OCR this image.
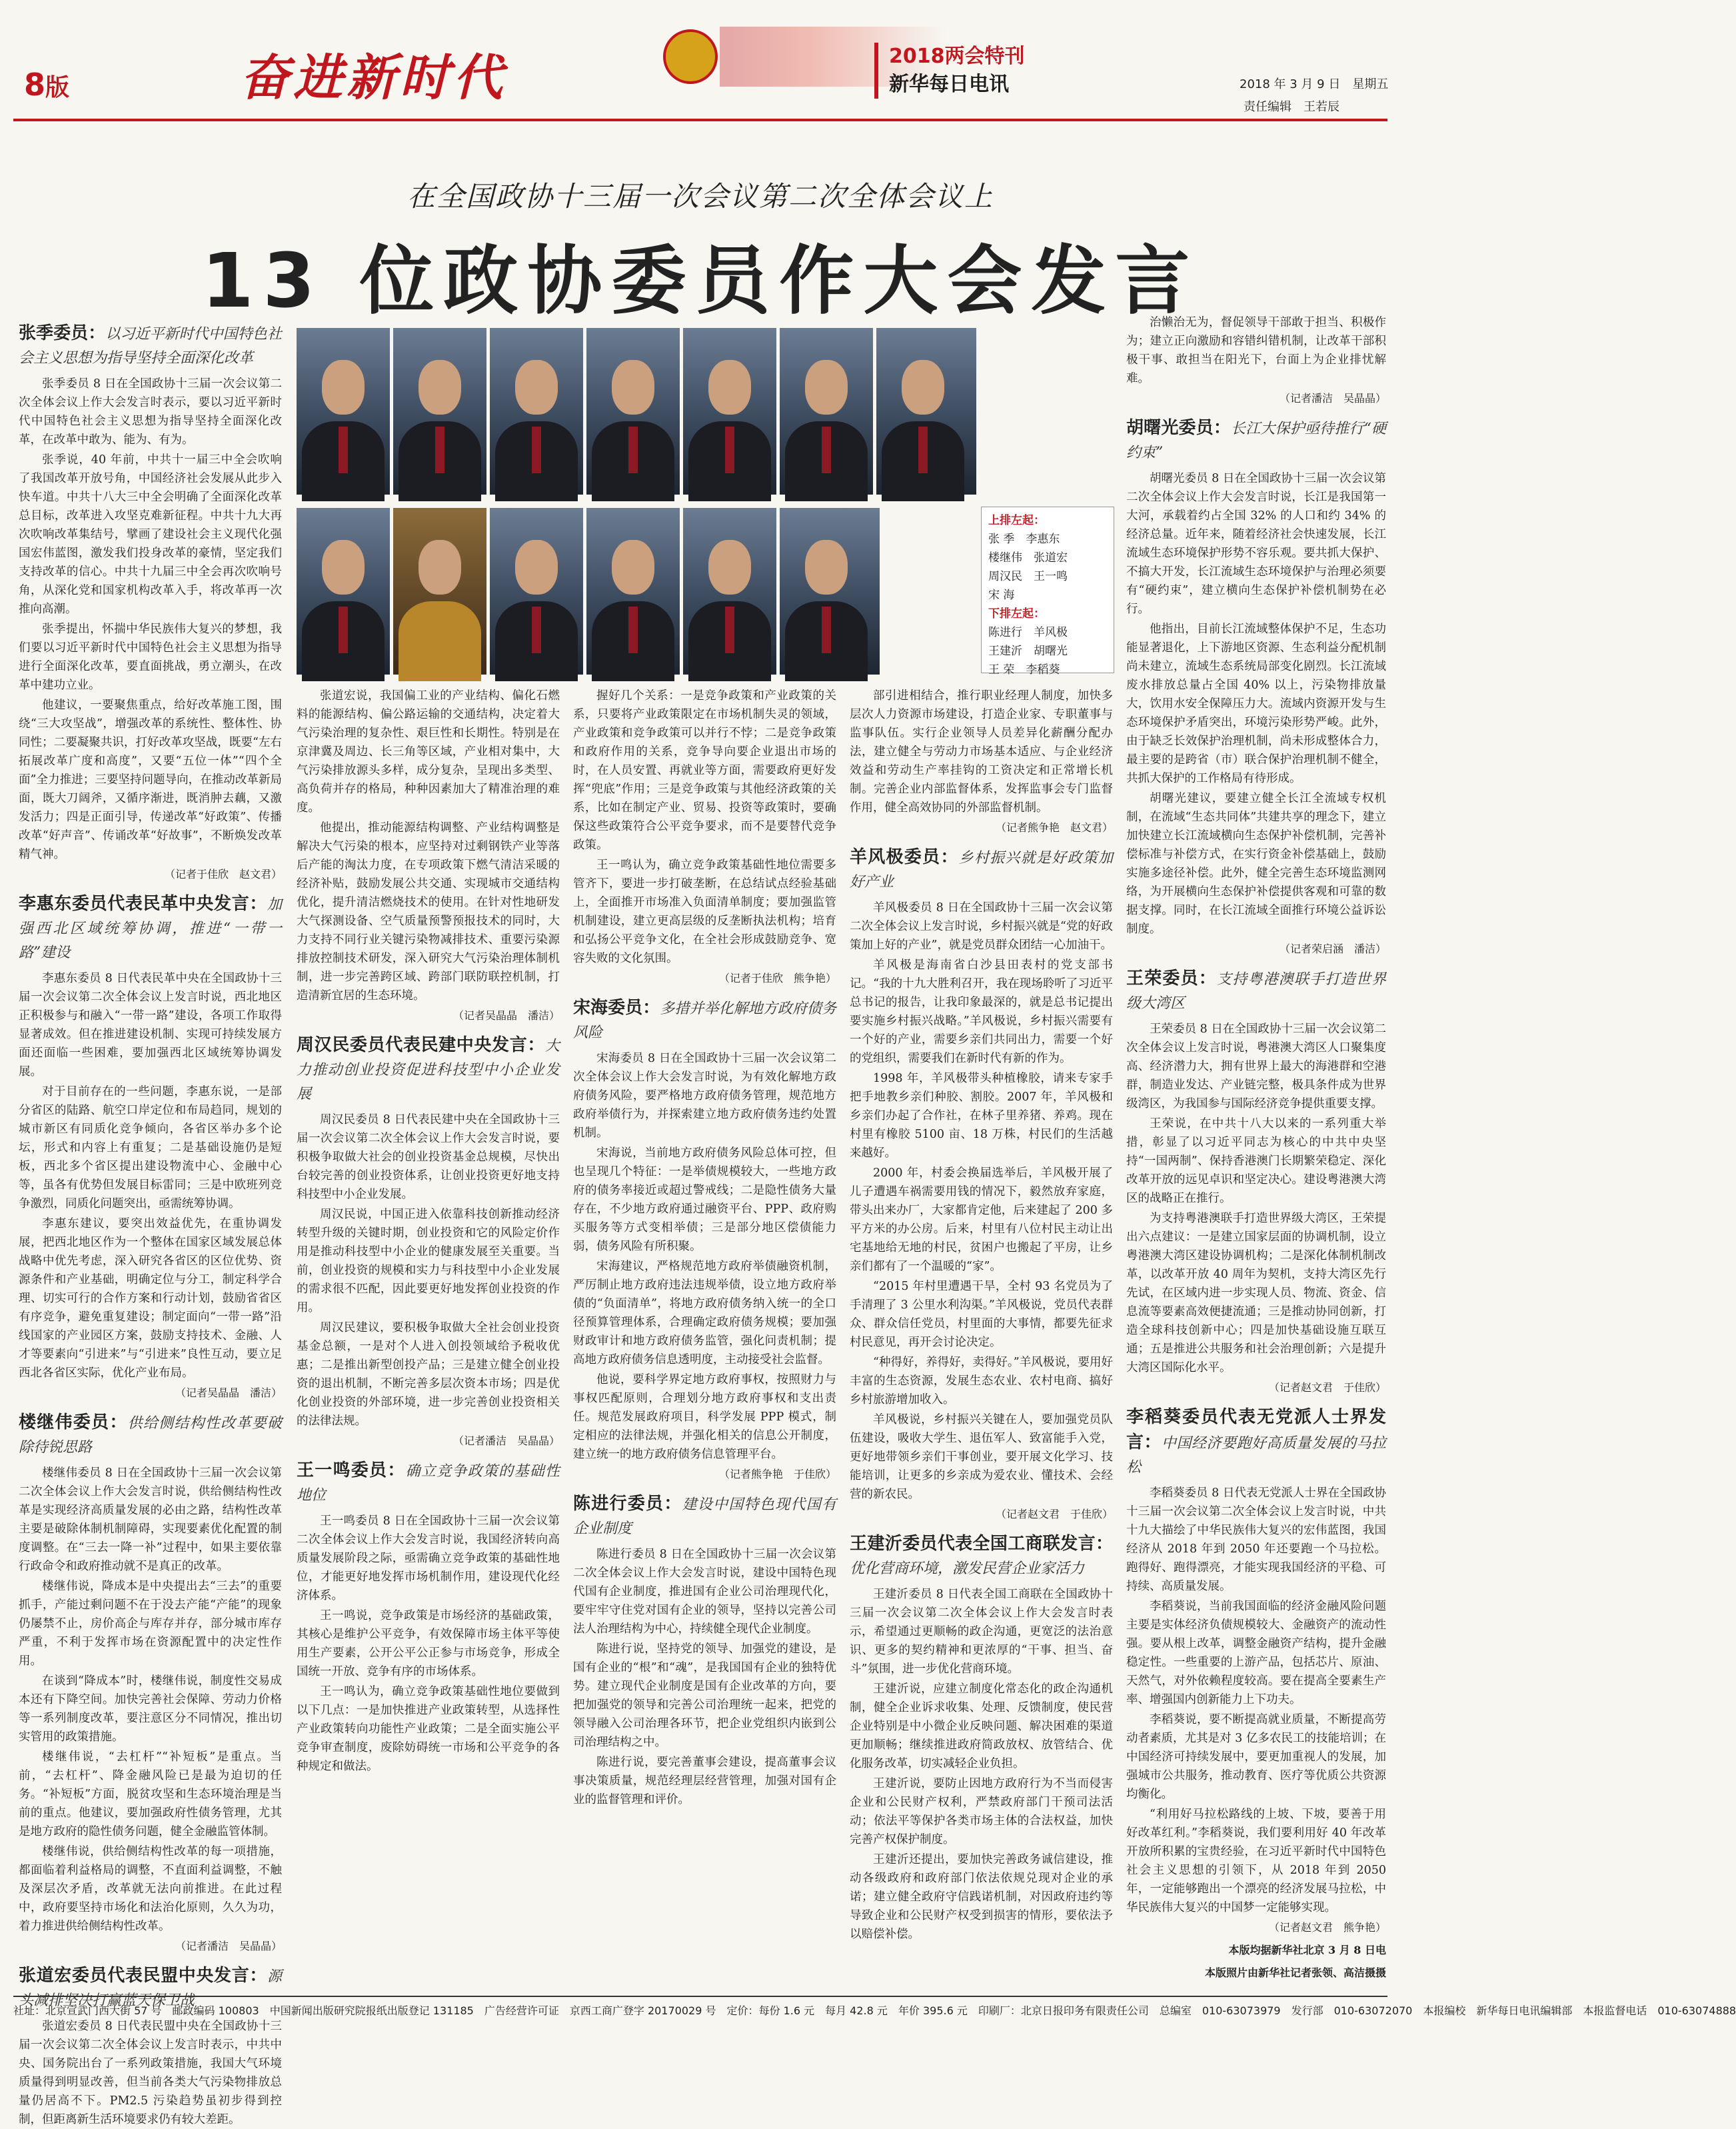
8版	奋进新时代	2018两会特刊
新华每日电讯	2018 年 3 月 9 日　星期五
责任编辑　王若辰
在全国政协十三届一次会议第二次全体会议上
13 位政协委员作大会发言
上排左起：
张 季　 李惠东
楼继伟　 张道宏
周汉民　 王一鸣
宋 海
下排左起：
陈进行　 羊风极
王建沂　 胡曙光
王 荣　 李稻葵
张季委员：以习近平新时代中国特色社会主义思想为指导坚持全面深化改革

张季委员 8 日在全国政协十三届一次会议第二次全体会议上作大会发言时表示，要以习近平新时代中国特色社会主义思想为指导坚持全面深化改革，在改革中敢为、能为、有为。

张季说，40 年前，中共十一届三中全会吹响了我国改革开放号角，中国经济社会发展从此步入快车道。中共十八大三中全会明确了全面深化改革总目标，改革进入攻坚克难新征程。中共十九大再次吹响改革集结号，擘画了建设社会主义现代化强国宏伟蓝图，激发我们投身改革的豪情，坚定我们支持改革的信心。中共十九届三中全会再次吹响号角，从深化党和国家机构改革入手，将改革再一次推向高潮。

张季提出，怀揣中华民族伟大复兴的梦想，我们要以习近平新时代中国特色社会主义思想为指导进行全面深化改革，要直面挑战，勇立潮头，在改革中建功立业。

他建议，一要聚焦重点，给好改革施工图，围绕“三大攻坚战”，增强改革的系统性、整体性、协同性；二要凝聚共识，打好改革攻坚战，既要“左右拓展改革广度和高度”，又要“五位一体”“四个全面”全力推进；三要坚持问题导向，在推动改革新局面，既大刀阔斧，又循序渐进，既消肿去藕，又激发活力；四是正面引导，传递改革“好政策”、传播改革“好声音”、传诵改革“好故事”，不断焕发改革精气神。

（记者于佳欣　赵文君）
李惠东委员代表民革中央发言：加强西北区域统筹协调，推进“一带一路”建设

李惠东委员 8 日代表民革中央在全国政协十三届一次会议第二次全体会议上发言时说，西北地区正积极参与和融入“一带一路”建设，各项工作取得显著成效。但在推进建设机制、实现可持续发展方面还面临一些困难，要加强西北区域统筹协调发展。

对于目前存在的一些问题，李惠东说，一是部分省区的陆路、航空口岸定位和布局趋同，规划的城市新区有同质化竞争倾向，各省区举办多个论坛，形式和内容上有重复；二是基础设施仍是短板，西北多个省区提出建设物流中心、金融中心等，虽各有优势但发展目标雷同；三是中欧班列竞争激烈，同质化问题突出，亟需统筹协调。

李惠东建议，要突出效益优先，在重协调发展，把西北地区作为一个整体在国家区域发展总体战略中优先考虑，深入研究各省区的区位优势、资源条件和产业基础，明确定位与分工，制定科学合理、切实可行的合作方案和行动计划，鼓励省省区有序竞争，避免重复建设；制定面向“一带一路”沿线国家的产业园区方案，鼓励支持技术、金融、人才等要素向“引进来”与“引进来”良性互动，要立足西北各省区实际，优化产业布局。

（记者吴晶晶　潘洁）
楼继伟委员：供给侧结构性改革要破除待锐思路

楼继伟委员 8 日在全国政协十三届一次会议第二次全体会议上作大会发言时说，供给侧结构性改革是实现经济高质量发展的必由之路，结构性改革主要是破除体制机制障碍，实现要素优化配置的制度调整。在“三去一降一补”过程中，如果主要依靠行政命令和政府推动就不是真正的改革。

楼继伟说，降成本是中央提出去“三去”的重要抓手，产能过剩问题不在于没去产能“产能”的现象仍屡禁不止，房价高企与库存并存，部分城市库存严重，不利于发挥市场在资源配置中的决定性作用。

在谈到“降成本”时，楼继伟说，制度性交易成本还有下降空间。加快完善社会保障、劳动力价格等一系列制度改革，要注意区分不同情况，推出切实管用的政策措施。

楼继伟说，“去杠杆”“补短板”是重点。当前，“去杠杆”、降金融风险已是最为迫切的任务。“补短板”方面，脱贫攻坚和生态环境治理是当前的重点。他建议，要加强政府性债务管理，尤其是地方政府的隐性债务问题，健全金融监管体制。

楼继伟说，供给侧结构性改革的每一项措施，都面临着利益格局的调整，不直面利益调整，不触及深层次矛盾，改革就无法向前推进。在此过程中，政府要坚持市场化和法治化原则，久久为功，着力推进供给侧结构性改革。

（记者潘洁　吴晶晶）
张道宏委员代表民盟中央发言：源头减排坚决打赢蓝天保卫战

张道宏委员 8 日代表民盟中央在全国政协十三届一次会议第二次全体会议上发言时表示，中共中央、国务院出台了一系列政策措施，我国大气环境质量得到明显改善，但当前各类大气污染物排放总量仍居高不下。PM2.5 污染趋势虽初步得到控制，但距离新生活环境要求仍有较大差距。

张道宏说，我国偏工业的产业结构、偏化石燃料的能源结构、偏公路运输的交通结构，决定着大气污染治理的复杂性、艰巨性和长期性。特别是在京津冀及周边、长三角等区域，产业相对集中，大气污染排放源头多样，成分复杂，呈现出多类型、高负荷并存的格局，种种因素加大了精准治理的难度。

他提出，推动能源结构调整、产业结构调整是解决大气污染的根本，应坚持对过剩钢铁产业等落后产能的淘汰力度，在专项政策下燃气清洁采暖的经济补贴，鼓励发展公共交通、实现城市交通结构优化，提升清洁燃烧技术的使用。在针对性地研发大气探测设备、空气质量预警预报技术的同时，大力支持不同行业关键污染物减排技术、重要污染源排放控制技术研发，深入研究大气污染治理体制机制，进一步完善跨区域、跨部门联防联控机制，打造清新宜居的生态环境。

（记者吴晶晶　潘洁）
周汉民委员代表民建中央发言：大力推动创业投资促进科技型中小企业发展

周汉民委员 8 日代表民建中央在全国政协十三届一次会议第二次全体会议上作大会发言时说，要积极争取做大社会的创业投资基金总规模，尽快出台较完善的创业投资体系，让创业投资更好地支持科技型中小企业发展。

周汉民说，中国正进入依靠科技创新推动经济转型升级的关键时期，创业投资和它的风险定价作用是推动科技型中小企业的健康发展至关重要。当前，创业投资的规模和实力与科技型中小企业发展的需求很不匹配，因此要更好地发挥创业投资的作用。

周汉民建议，要积极争取做大全社会创业投资基金总额，一是对个人进入创投领域给予税收优惠；二是推出新型创投产品；三是建立健全创业投资的退出机制，不断完善多层次资本市场；四是优化创业投资的外部环境，进一步完善创业投资相关的法律法规。

（记者潘洁　吴晶晶）
王一鸣委员：确立竞争政策的基础性地位

王一鸣委员 8 日在全国政协十三届一次会议第二次全体会议上作大会发言时说，我国经济转向高质量发展阶段之际，亟需确立竞争政策的基础性地位，才能更好地发挥市场机制作用，建设现代化经济体系。

王一鸣说，竞争政策是市场经济的基础政策，其核心是维护公平竞争，有效保障市场主体平等使用生产要素，公开公平公正参与市场竞争，形成全国统一开放、竞争有序的市场体系。

王一鸣认为，确立竞争政策基础性地位要做到以下几点：一是加快推进产业政策转型，从选择性产业政策转向功能性产业政策；二是全面实施公平竞争审查制度，废除妨碍统一市场和公平竞争的各种规定和做法。

握好几个关系：一是竞争政策和产业政策的关系，只要将产业政策限定在市场机制失灵的领域，产业政策和竞争政策可以并行不悖；二是竞争政策和政府作用的关系，竞争导向要企业退出市场的时，在人员安置、再就业等方面，需要政府更好发挥“兜底”作用；三是竞争政策与其他经济政策的关系，比如在制定产业、贸易、投资等政策时，要确保这些政策符合公平竞争要求，而不是要替代竞争政策。

王一鸣认为，确立竞争政策基础性地位需要多管齐下，要进一步打破垄断，在总结试点经验基础上，全面推开市场准入负面清单制度；要加强监管机制建设，建立更高层级的反垄断执法机构；培育和弘扬公平竞争文化，在全社会形成鼓励竞争、宽容失败的文化氛围。

（记者于佳欣　熊争艳）
宋海委员：多措并举化解地方政府债务风险

宋海委员 8 日在全国政协十三届一次会议第二次全体会议上作大会发言时说，为有效化解地方政府债务风险，要严格地方政府债务管理，规范地方政府举债行为，并探索建立地方政府债务违约处置机制。

宋海说，当前地方政府债务风险总体可控，但也呈现几个特征：一是举债规模较大，一些地方政府的债务率接近或超过警戒线；二是隐性债务大量存在，不少地方政府通过融资平台、PPP、政府购买服务等方式变相举债；三是部分地区偿债能力弱，债务风险有所积聚。

宋海建议，严格规范地方政府举债融资机制，严厉制止地方政府违法违规举债，设立地方政府举债的“负面清单”，将地方政府债务纳入统一的全口径预算管理体系，合理确定政府债务规模；要加强财政审计和地方政府债务监管，强化问责机制；提高地方政府债务信息透明度，主动接受社会监督。

他说，要科学界定地方政府事权，按照财力与事权匹配原则，合理划分地方政府事权和支出责任。规范发展政府项目，科学发展 PPP 模式，制定相应的法律法规，并强化相关的信息公开制度，建立统一的地方政府债务信息管理平台。

（记者熊争艳　于佳欣）
陈进行委员：建设中国特色现代国有企业制度

陈进行委员 8 日在全国政协十三届一次会议第二次全体会议上作大会发言时说，建设中国特色现代国有企业制度，推进国有企业公司治理现代化，要牢牢守住党对国有企业的领导，坚持以完善公司法人治理结构为中心，持续健全现代企业制度。

陈进行说，坚持党的领导、加强党的建设，是国有企业的“根”和“魂”，是我国国有企业的独特优势。建立现代企业制度是国有企业改革的方向，要把加强党的领导和完善公司治理统一起来，把党的领导融入公司治理各环节，把企业党组织内嵌到公司治理结构之中。

陈进行说，要完善董事会建设，提高董事会议事决策质量，规范经理层经营管理，加强对国有企业的监督管理和评价。

部引进相结合，推行职业经理人制度，加快多层次人力资源市场建设，打造企业家、专职董事与监事队伍。实行企业领导人员差异化薪酬分配办法，建立健全与劳动力市场基本适应、与企业经济效益和劳动生产率挂钩的工资决定和正常增长机制。完善企业内部监督体系，发挥监事会专门监督作用，健全高效协同的外部监督机制。

（记者熊争艳　赵文君）
羊风极委员：乡村振兴就是好政策加好产业

羊风极委员 8 日在全国政协十三届一次会议第二次全体会议上发言时说，乡村振兴就是“党的好政策加上好的产业”，就是党员群众团结一心加油干。

羊风极是海南省白沙县田表村的党支部书记。“我的十九大胜利召开，我在现场聆听了习近平总书记的报告，让我印象最深的，就是总书记提出要实施乡村振兴战略。”羊风极说，乡村振兴需要有一个好的产业，需要乡亲们共同出力，需要一个好的党组织，需要我们在新时代有新的作为。

1998 年，羊风极带头种植橡胶，请来专家手把手地教乡亲们种胶、割胶。2007 年，羊风极和乡亲们办起了合作社，在林子里养猪、养鸡。现在村里有橡胶 5100 亩、18 万株，村民们的生活越来越好。

2000 年，村委会换届选举后，羊风极开展了儿子遭遇车祸需要用钱的情况下，毅然放弃家庭，带头出来办厂，大家都肯定他，后来建起了 200 多平方米的办公房。后来，村里有八位村民主动让出宅基地给无地的村民，贫困户也搬起了平房，让乡亲们都有了一个温暖的“家”。

“2015 年村里遭遇干旱，全村 93 名党员为了手清理了 3 公里水利沟渠。”羊风极说，党员代表群众、群众信任党员，村里面的大事情，都要先征求村民意见，再开会讨论决定。

“种得好，养得好，卖得好。”羊风极说，要用好丰富的生态资源，发展生态农业、农村电商、搞好乡村旅游增加收入。

羊风极说，乡村振兴关键在人，要加强党员队伍建设，吸收大学生、退伍军人、致富能手入党，更好地带领乡亲们干事创业，要开展文化学习、技能培训，让更多的乡亲成为爱农业、懂技术、会经营的新农民。

（记者赵文君　于佳欣）
王建沂委员代表全国工商联发言：优化营商环境，激发民营企业家活力

王建沂委员 8 日代表全国工商联在全国政协十三届一次会议第二次全体会议上作大会发言时表示，希望通过更顺畅的政企沟通，更宽泛的法治意识、更多的契约精神和更浓厚的“干事、担当、奋斗”氛围，进一步优化营商环境。

王建沂说，应建立制度化常态化的政企沟通机制，健全企业诉求收集、处理、反馈制度，使民营企业特别是中小微企业反映问题、解决困难的渠道更加顺畅；继续推进政府简政放权、放管结合、优化服务改革，切实减轻企业负担。

王建沂说，要防止因地方政府行为不当而侵害企业和公民财产权利，严禁政府部门干预司法活动；依法平等保护各类市场主体的合法权益，加快完善产权保护制度。

王建沂还提出，要加快完善政务诚信建设，推动各级政府和政府部门依法依规兑现对企业的承诺；建立健全政府守信践诺机制，对因政府违约等导致企业和公民财产权受到损害的情形，要依法予以赔偿补偿。

治懒治无为，督促领导干部敢于担当、积极作为；建立正向激励和容错纠错机制，让改革干部积极干事、敢担当在阳光下，台面上为企业排忧解难。

（记者潘洁　吴晶晶）
胡曙光委员：长江大保护亟待推行“硬约束”

胡曙光委员 8 日在全国政协十三届一次会议第二次全体会议上作大会发言时说，长江是我国第一大河，承载着约占全国 32% 的人口和约 34% 的经济总量。近年来，随着经济社会快速发展，长江流域生态环境保护形势不容乐观。要共抓大保护、不搞大开发，长江流域生态环境保护与治理必须要有“硬约束”，建立横向生态保护补偿机制势在必行。

他指出，目前长江流域整体保护不足，生态功能显著退化，上下游地区资源、生态利益分配机制尚未建立，流域生态系统局部变化剧烈。长江流域废水排放总量占全国 40% 以上，污染物排放量大，饮用水安全保障压力大。流域内资源开发与生态环境保护矛盾突出，环境污染形势严峻。此外，由于缺乏长效保护治理机制，尚未形成整体合力，最主要的是跨省（市）联合保护治理机制不健全，共抓大保护的工作格局有待形成。

胡曙光建议，要建立健全长江全流域专权机制，在流域“生态共同体”共建共享的理念下，建立加快建立长江流域横向生态保护补偿机制，完善补偿标准与补偿方式，在实行资金补偿基础上，鼓励实施多途径补偿。此外，健全完善生态环境监测网络，为开展横向生态保护补偿提供客观和可靠的数据支撑。同时，在长江流域全面推行环境公益诉讼制度。

（记者荣启涵　潘洁）
王荣委员：支持粤港澳联手打造世界级大湾区

王荣委员 8 日在全国政协十三届一次会议第二次全体会议上发言时说，粤港澳大湾区人口聚集度高、经济潜力大，拥有世界上最大的海港群和空港群，制造业发达、产业链完整，极具条件成为世界级湾区，为我国参与国际经济竞争提供重要支撑。

王荣说，在中共十八大以来的一系列重大举措，彰显了以习近平同志为核心的中共中央坚持“一国两制”、保持香港澳门长期繁荣稳定、深化改革开放的远见卓识和坚定决心。建设粤港澳大湾区的战略正在推行。

为支持粤港澳联手打造世界级大湾区，王荣提出六点建议：一是建立国家层面的协调机制，设立粤港澳大湾区建设协调机构；二是深化体制机制改革，以改革开放 40 周年为契机，支持大湾区先行先试，在区域内进一步实现人员、物流、资金、信息流等要素高效便捷流通；三是推动协同创新，打造全球科技创新中心；四是加快基础设施互联互通；五是推进公共服务和社会治理创新；六是提升大湾区国际化水平。

（记者赵文君　于佳欣）
李稻葵委员代表无党派人士界发言：中国经济要跑好高质量发展的马拉松

李稻葵委员 8 日代表无党派人士界在全国政协十三届一次会议第二次全体会议上发言时说，中共十九大描绘了中华民族伟大复兴的宏伟蓝图，我国经济从 2018 年到 2050 年还要跑一个马拉松。跑得好、跑得漂亮，才能实现我国经济的平稳、可持续、高质量发展。

李稻葵说，当前我国面临的经济金融风险问题主要是实体经济负债规模较大、金融资产的流动性强。要从根上改革，调整金融资产结构，提升金融稳定性。一些重要的上游产品，包括芯片、原油、天然气，对外依赖程度较高。要在提高全要素生产率、增强国内创新能力上下功夫。

李稻葵说，要不断提高就业质量，不断提高劳动者素质，尤其是对 3 亿多农民工的技能培训；在中国经济可持续发展中，要更加重视人的发展，加强城市公共服务，推动教育、医疗等优质公共资源均衡化。

“利用好马拉松路线的上坡、下坡，要善于用好改革红利。”李稻葵说，我们要利用好 40 年改革开放所积累的宝贵经验，在习近平新时代中国特色社会主义思想的引领下，从 2018 年到 2050 年，一定能够跑出一个漂亮的经济发展马拉松，中华民族伟大复兴的中国梦一定能够实现。

（记者赵文君　熊争艳）
本版均据新华社北京 3 月 8 日电
本版照片由新华社记者张领、高洁摄摄
社址：北京宣武门西大街 57 号　邮政编码 100803　中国新闻出版研究院报纸出版登记 131185　广告经营许可证　京西工商广登字 20170029 号　定价：每份 1.6 元　每月 42.8 元　年价 395.6 元　印刷厂：北京日报印务有限责任公司　总编室　010-63073979　发行部　010-63072070　本报编校　新华每日电讯编辑部　本报监督电话　010-63074888
